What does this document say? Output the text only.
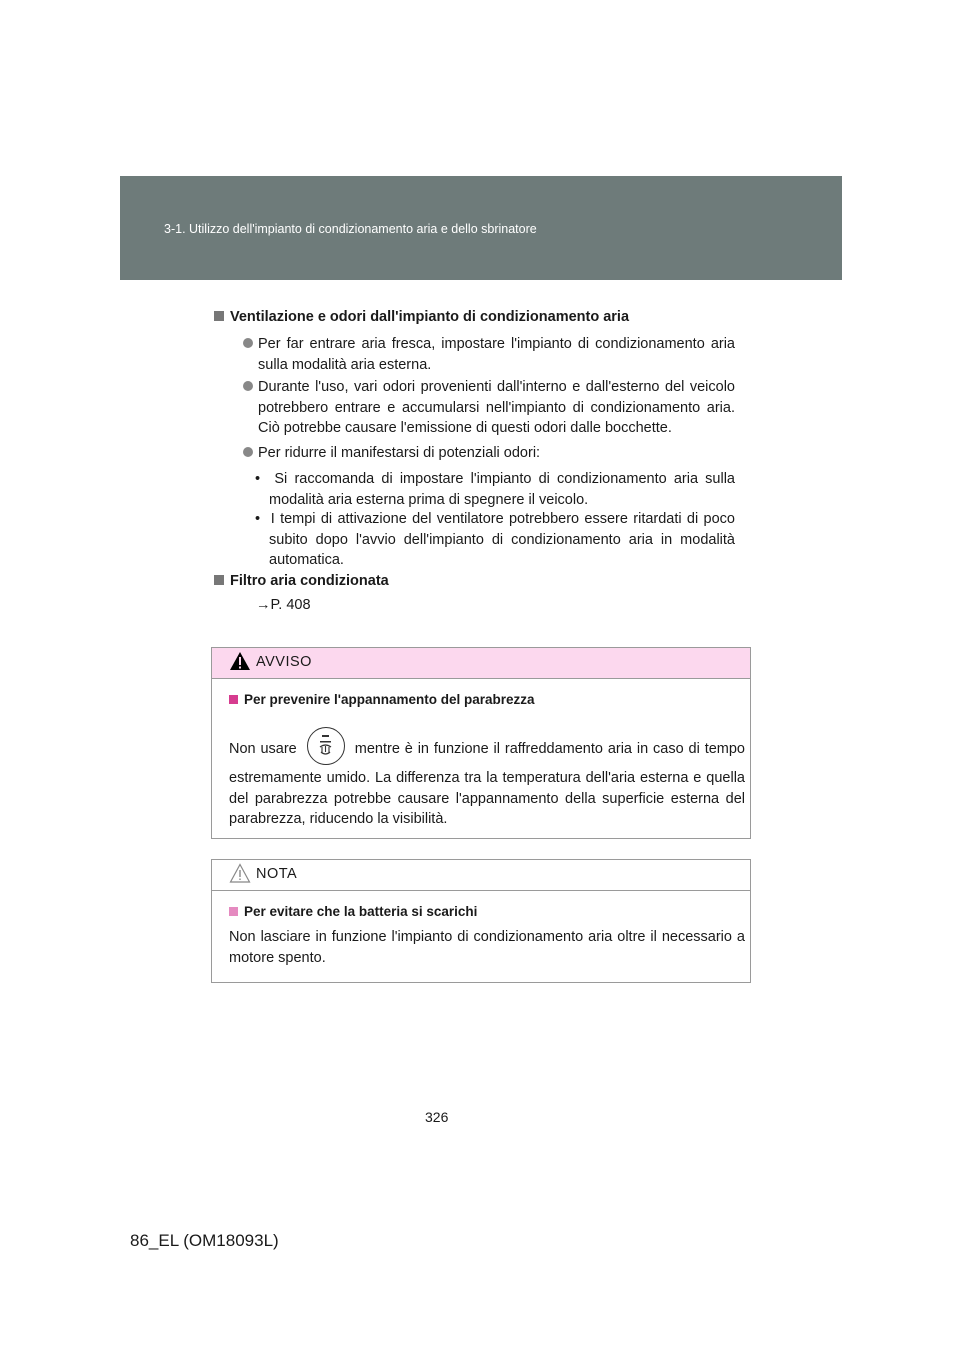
3-1. Utilizzo dell'impianto di condizionamento aria e dello sbrinatore
Ventilazione e odori dall'impianto di condizionamento aria
Per far entrare aria fresca, impostare l'impianto di condizionamento aria sulla modalità aria esterna.
Durante l'uso, vari odori provenienti dall'interno e dall'esterno del veicolo potrebbero entrare e accumularsi nell'impianto di condizionamento aria. Ciò potrebbe causare l'emissione di questi odori dalle bocchette.
Per ridurre il manifestarsi di potenziali odori:
•  Si raccomanda di impostare l'impianto di condizionamento aria sulla modalità aria esterna prima di spegnere il veicolo.
•  I tempi di attivazione del ventilatore potrebbero essere ritardati di poco subito dopo l'avvio dell'impianto di condizionamento aria in modalità automatica.
Filtro aria condizionata
→P. 408
AVVISO
Per prevenire l'appannamento del parabrezza
Non usare	mentre è in funzione il raffreddamento aria in caso di tempo estremamente umido. La differenza tra la temperatura dell'aria esterna e quella del parabrezza potrebbe causare l'appannamento della superficie esterna del parabrezza, riducendo la visibilità.
NOTA
Per evitare che la batteria si scarichi
Non lasciare in funzione l'impianto di condizionamento aria oltre il necessario a motore spento.
326
86_EL (OM18093L)
